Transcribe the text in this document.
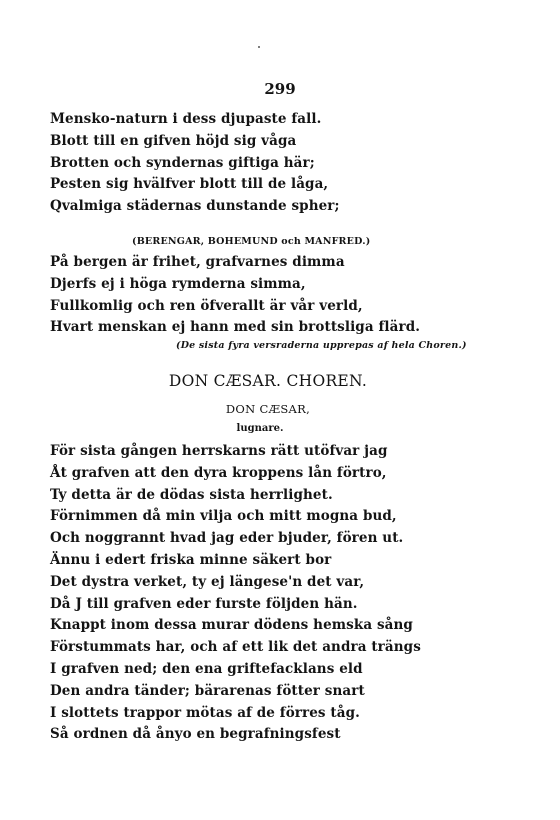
299
Mensko-naturn i dess djupaste fall.
Blott till en gifven höjd sig våga
Brotten och syndernas giftiga här;
Pesten sig hvälfver blott till de låga,
Qvalmiga städernas dunstande spher;
(BERENGAR, BOHEMUND och MANFRED.)
På bergen är frihet, grafvarnes dimma
Djerfs ej i höga rymderna simma,
Fullkomlig och ren öfverallt är vår verld,
Hvart menskan ej hann med sin brottsliga flärd.
(De sista fyra versraderna upprepas af hela Choren.)
DON CÆSAR. CHOREN.
DON CÆSAR,
lugnare.
För sista gången herrskarns rätt utöfvar jag
Åt grafven att den dyra kroppens lån förtro,
Ty detta är de dödas sista herrlighet.
Förnimmen då min vilja och mitt mogna bud,
Och noggrannt hvad jag eder bjuder, fören ut.
Ännu i edert friska minne säkert bor
Det dystra verket, ty ej längese'n det var,
Då J till grafven eder furste följden hän.
Knappt inom dessa murar dödens hemska sång
Förstummats har, och af ett lik det andra trängs
I grafven ned; den ena griftefacklans eld
Den andra tänder; bärarenas fötter snart
I slottets trappor mötas af de förres tåg.
Så ordnen då ånyo en begrafningsfest
